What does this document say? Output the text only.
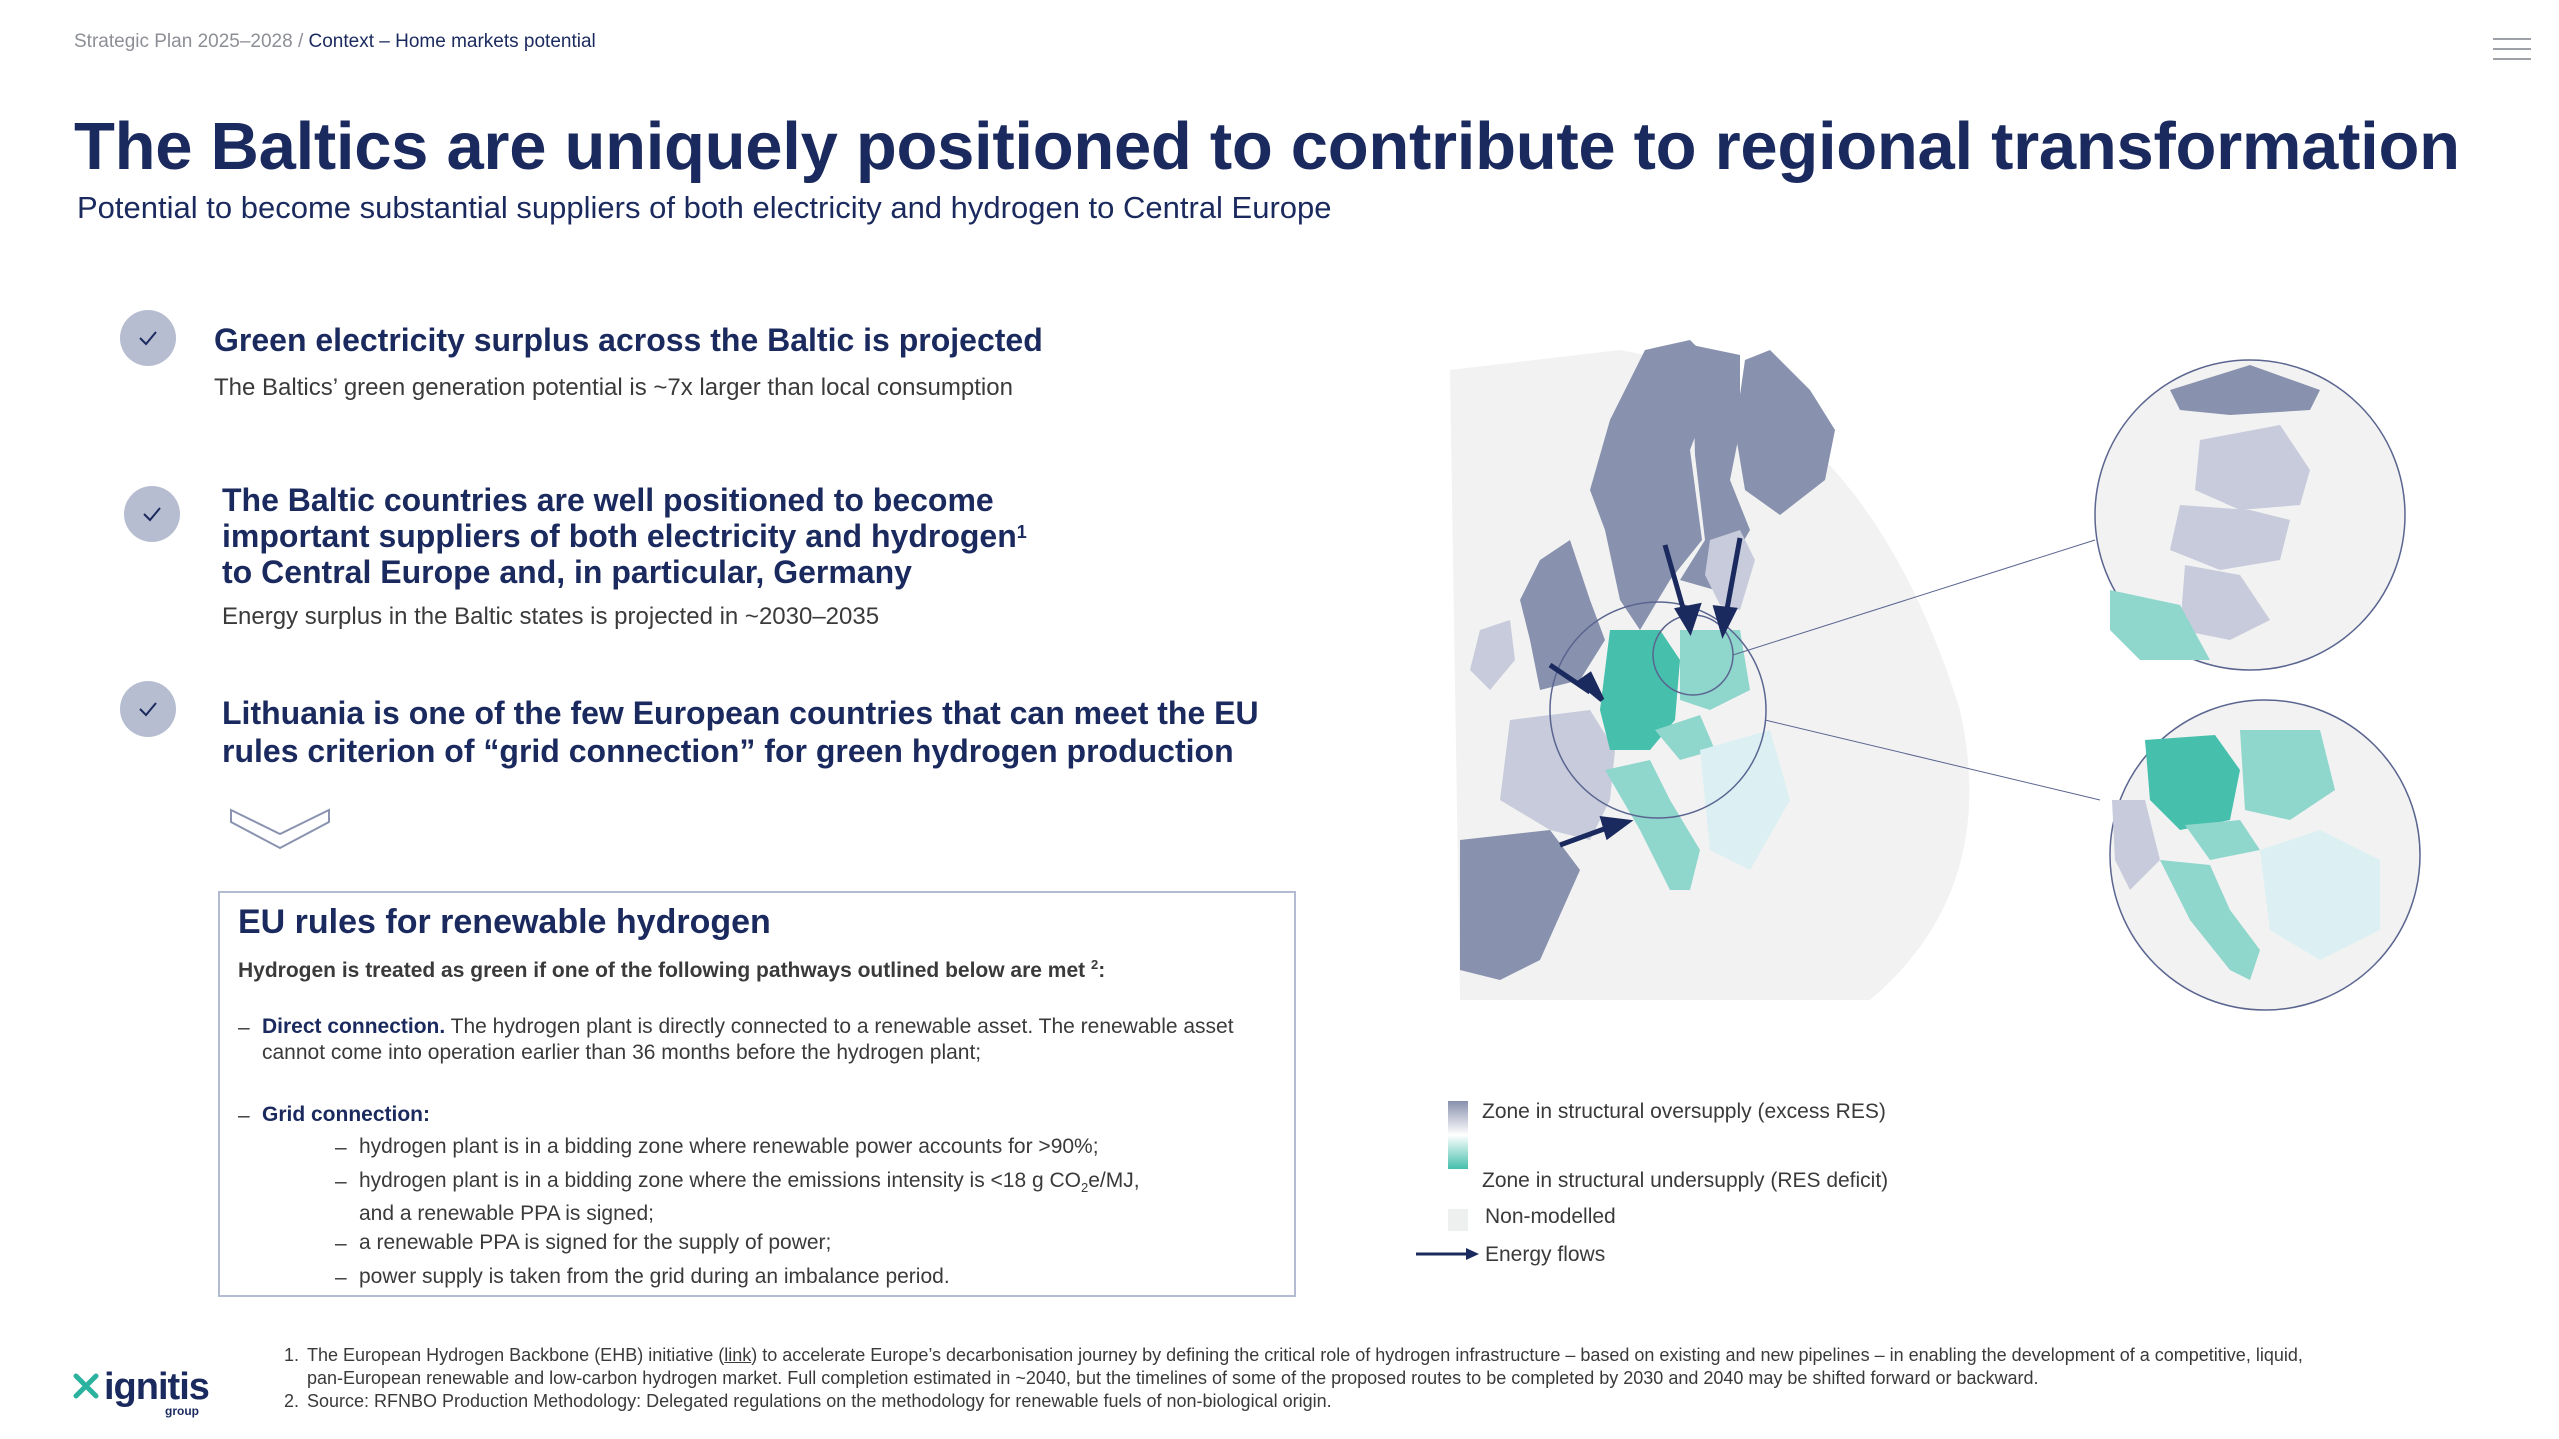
Strategic Plan 2025–2028 / Context – Home markets potential
The Baltics are uniquely positioned to contribute to regional transformation
Potential to become substantial suppliers of both electricity and hydrogen to Central Europe
Green electricity surplus across the Baltic is projected
The Baltics’ green generation potential is ~7x larger than local consumption
The Baltic countries are well positioned to become
important suppliers of both electricity and hydrogen$^1$
to Central Europe and, in particular, Germany
Energy surplus in the Baltic states is projected in ~2030–2035
Lithuania is one of the few European countries that can meet the EU
rules criterion of “grid connection” for green hydrogen production
EU rules for renewable hydrogen
Hydrogen is treated as green if one of the following pathways outlined below are met $^2$:
– Direct connection. The hydrogen plant is directly connected to a renewable asset. The renewable asset
cannot come into operation earlier than 36 months before the hydrogen plant;
– Grid connection:
– hydrogen plant is in a bidding zone where renewable power accounts for >90%;
– hydrogen plant is in a bidding zone where the emissions intensity is <18 g $CO_2e/MJ$,
and a renewable PPA is signed;
– a renewable PPA is signed for the supply of power;
– power supply is taken from the grid during an imbalance period.
Zone in structural oversupply (excess RES)
Zone in structural undersupply (RES deficit)
Non-modelled
Energy flows
ignitis
group
1. The European Hydrogen Backbone (EHB) initiative (link) to accelerate Europe’s decarbonisation journey by defining the critical role of hydrogen infrastructure – based on existing and new pipelines – in enabling the development of a competitive, liquid,
pan-European renewable and low-carbon hydrogen market. Full completion estimated in ~2040, but the timelines of some of the proposed routes to be completed by 2030 and 2040 may be shifted forward or backward.
2. Source: RFNBO Production Methodology: Delegated regulations on the methodology for renewable fuels of non-biological origin.
